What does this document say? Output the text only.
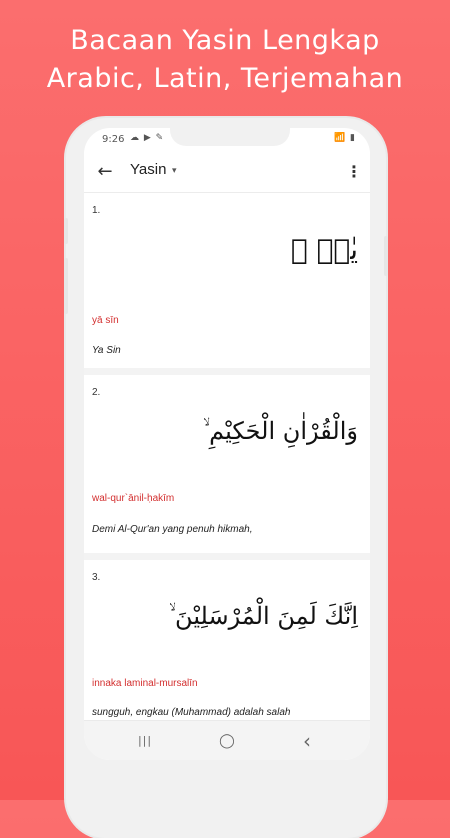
Bacaan Yasin Lengkap
Arabic, Latin, Terjemahan
9:26 ☁ ▶ ✎	📶 ▮
←	Yasin ▾	⋮
1.
يٰسۤ ۚ
yā sīn
Ya Sin
2.
وَالْقُرْاٰنِ الْحَكِيْمِ ۙ
wal-qur`ānil-ḥakīm
Demi Al-Qur'an yang penuh hikmah,
3.
اِنَّكَ لَمِنَ الْمُرْسَلِيْنَ ۙ
innaka laminal-mursalīn
sungguh, engkau (Muhammad) adalah salah
|||	◯	‹
